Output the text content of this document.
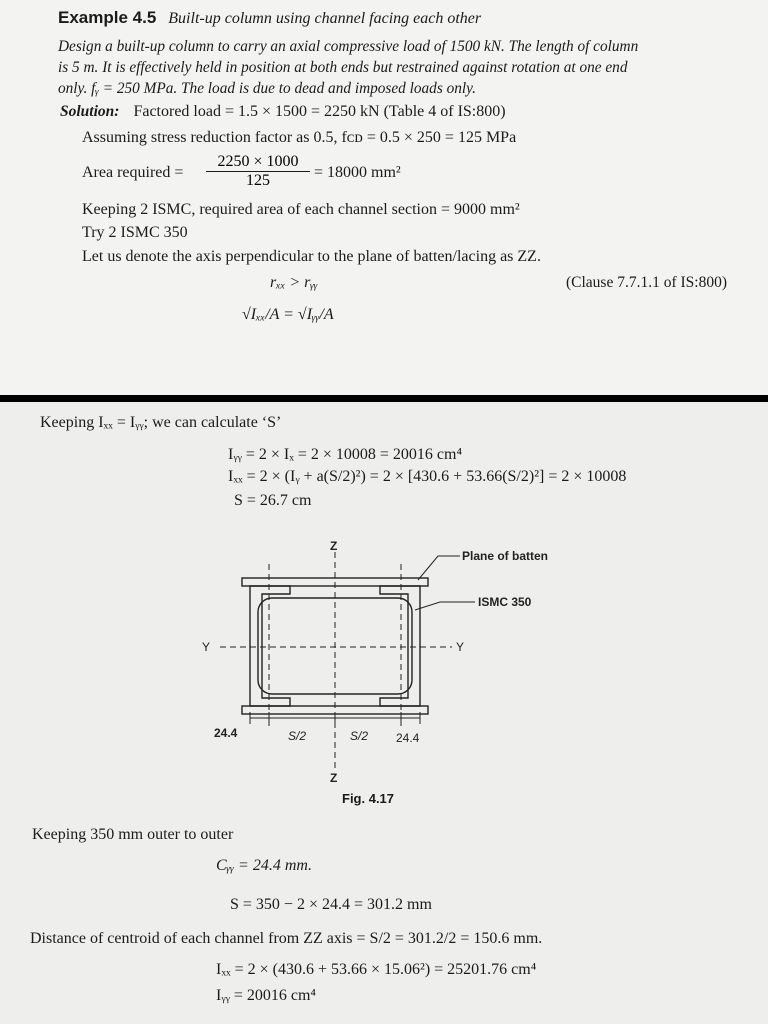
Example 4.5 Built-up column using channel facing each other
Design a built-up column to carry an axial compressive load of 1500 kN. The length of column
is 5 m. It is effectively held in position at both ends but restrained against rotation at one end
only. fᵧ = 250 MPa. The load is due to dead and imposed loads only.
Solution: Factored load = 1.5 × 1500 = 2250 kN (Table 4 of IS:800)
Assuming stress reduction factor as 0.5, fᴄᴅ = 0.5 × 250 = 125 MPa
Area required = $\frac{2250 \times 1000}{125} = 18000$ mm²
Keeping 2 ISMC, required area of each channel section = 9000 mm²
Try 2 ISMC 350
Let us denote the axis perpendicular to the plane of batten/lacing as ZZ.
rₓₓ > rᵧᵧ	(Clause 7.7.1.1 of IS:800)
√Iₓₓ/A = √Iᵧᵧ/A
Keeping Iₓₓ = Iᵧᵧ; we can calculate ‘S’
Iᵧᵧ = 2 × Iₓ = 2 × 10008 = 20016 cm⁴
Iₓₓ = 2 × (Iᵧ + a(S/2)²) = 2 × [430.6 + 53.66(S/2)²] = 2 × 10008
S = 26.7 cm
Z
Z
Y	Y
Plane of batten
ISMC 350
24.4	S/2	S/2 24.4
Fig. 4.17
Keeping 350 mm outer to outer
Cᵧᵧ = 24.4 mm.
S = 350 − 2 × 24.4 = 301.2 mm
Distance of centroid of each channel from ZZ axis = S/2 = 301.2/2 = 150.6 mm.
Iₓₓ = 2 × (430.6 + 53.66 × 15.06²) = 25201.76 cm⁴
Iᵧᵧ = 20016 cm⁴
